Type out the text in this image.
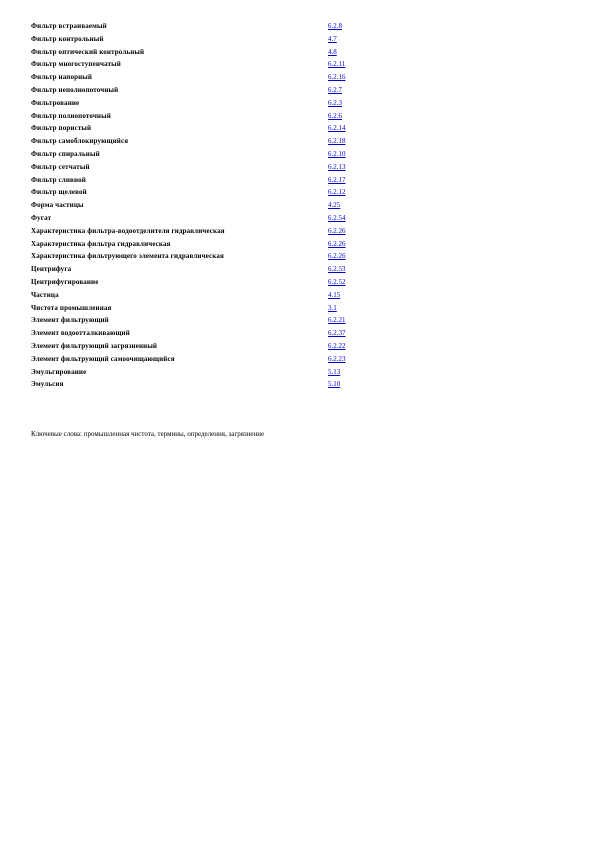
Фильтр встраиваемый	6.2.8
Фильтр контрольный	4.7
Фильтр оптический контрольный	4.8
Фильтр многоступенчатый	6.2.11
Фильтр напорный	6.2.16
Фильтр неполнопоточный	6.2.7
Фильтрование	6.2.3
Фильтр полнопоточный	6.2.6
Фильтр пористый	6.2.14
Фильтр самоблокирующийся	6.2.18
Фильтр спиральный	6.2.10
Фильтр сетчатый	6.2.13
Фильтр сливной	6.2.17
Фильтр щелевой	6.2.12
Форма частицы	4.25
Фугат	6.2.54
Характеристика фильтра-водоотделителя гидравлическая	6.2.26
Характеристика фильтра гидравлическая	6.2.26
Характеристика фильтрующего элемента гидравлическая	6.2.26
Центрифуга	6.2.53
Центрифугирование	6.2.52
Частица	4.15
Чистота промышленная	3.1
Элемент фильтрующий	6.2.21
Элемент водоотталкивающий	6.2.37
Элемент фильтрующий загрязненный	6.2.22
Элемент фильтрующий самоочищающийся	6.2.23
Эмульгирование	5.13
Эмульсия	5.10
Ключевые слова: промышленная чистота, термины, определения, загрязнение
